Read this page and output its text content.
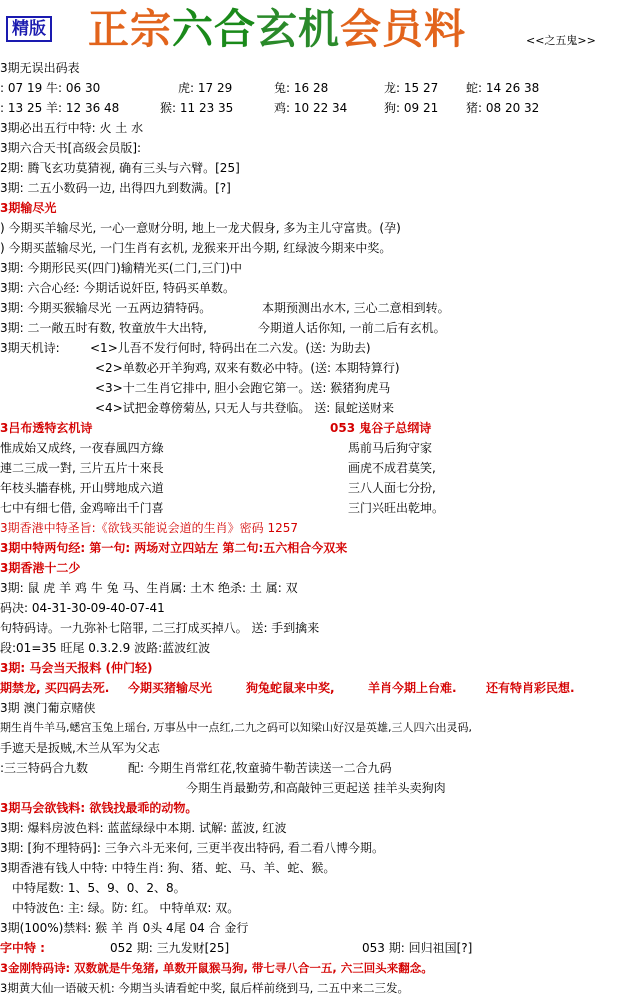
精版 正宗六合玄机会员料	<<之五鬼>>
3期无误出码表
: 07 19 牛: 06 30	虎: 17 29	兔: 16 28	龙: 15 27 蛇: 14 26 38
: 13 25 羊: 12 36 48	猴: 11 23 35	鸡: 10 22 34	狗: 09 21 猪: 08 20 32
3期必出五行中特: 火 土 水
3期六合天书[高级会员版]:
2期: 腾飞玄功莫猜视, 确有三头与六臂。[25]
3期: 二五小数码一边, 出得四九到数满。[?]
3期输尽光
) 今期买羊输尽光, 一心一意财分明, 地上一龙犬假身, 多为主儿守富贵。(孕)
) 今期买蓝输尽光, 一门生肖有玄机, 龙猴来开出今期, 红绿波今期来中奖。
3期: 今期形民买(四门)输精光买(二门,三门)中
3期: 六合心经: 今期话说奸臣, 特码买单数。
3期: 今期买猴输尽光 一五两边猜特码。	本期预测出水木, 三心二意相到转。
3期: 二一敞五时有数, 牧童放牛大出特,	今期道人话你知, 一前二后有玄机。
3期天机诗:	<1>儿吾不发行何时, 特码出在二六发。(送: 为助去)
<2>单数必开羊狗鸡, 双来有数必中特。(送: 本期特算行)
<3>十二生肖它排中, 胆小会跑它第一。送: 猴猪狗虎马
<4>试把金尊傍菊丛, 只无人与共登临。 送: 鼠蛇送财来
3吕布透特玄机诗	053 鬼谷子总纲诗
惟成始又成终, 一夜春風四方綠	馬前马后狗守家
連二三成一對, 三片五片十來長	画虎不成君莫笑,
年枝头牆春桃, 开山劈地成六道	三八人面七分扮,
七中有细七借, 金鸡啼出千门喜	三门兴旺出乾坤。
3期香港中特圣旨:《欲钱买能说会道的生肖》密码 1257
3期中特两句经: 第一句: 两场对立四站左 第二句:五六相合今双来
3期香港十二少
3期: 鼠 虎 羊 鸡 牛 兔 马、生肖属: 土木 绝杀: 土 属: 双
码决: 04-31-30-09-40-07-41
句特码诗。一九弥补七陪罪, 二三打成买掉八。 送: 手到擒来
段:01=35 旺尾 0.3.2.9 波路:蓝波红波
3期: 马会当天报料 (仲门轻)
期禁龙, 买四码去死. 今期买猪输尽光	狗兔蛇鼠来中奖,	羊肖今期上台难. 还有特肖彩民想.
3期 澳门葡京赌侠
期生肖牛羊马,蟋宫玉兔上瑶台, 万事丛中一点红,二九之码可以知梁山好汉是英雄,三人四六出灵码,
手遮天是扳贼,木兰从军为父志
:三三特码合九数	配: 今期生肖常红花,牧童骑牛勒苦读送一二合九码
今期生肖最勤劳,和高敲钟三更起送 挂羊头卖狗肉
3期马会欲钱料: 欲钱找最乖的动物。
3期: 爆料房波色料: 蓝蓝绿绿中本期. 试解: 蓝波, 红波
3期: [狗不理特码]: 三争六斗无来何, 三更半夜出特码, 看二看八博今期。
3期香港有钱人中特: 中特生肖: 狗、猪、蛇、马、羊、蛇、猴。
中特尾数: 1、5、9、0、2、8。
中特波色: 主: 绿。防: 红。 中特单双: 双。
3期(100%)禁料: 猴 羊 肖 0头 4尾 04 合 金行
字中特 :	052 期: 三九发财[25]	053 期: 回归祖国[?]
3金刚特码诗: 双数就是牛兔猪, 单数开鼠猴马狗, 带七寻八合一五, 六三回头来翻念。
3期黄大仙一语破天机: 今期当头请看蛇中奖, 鼠后样前绕到马, 二五中来二三发。
